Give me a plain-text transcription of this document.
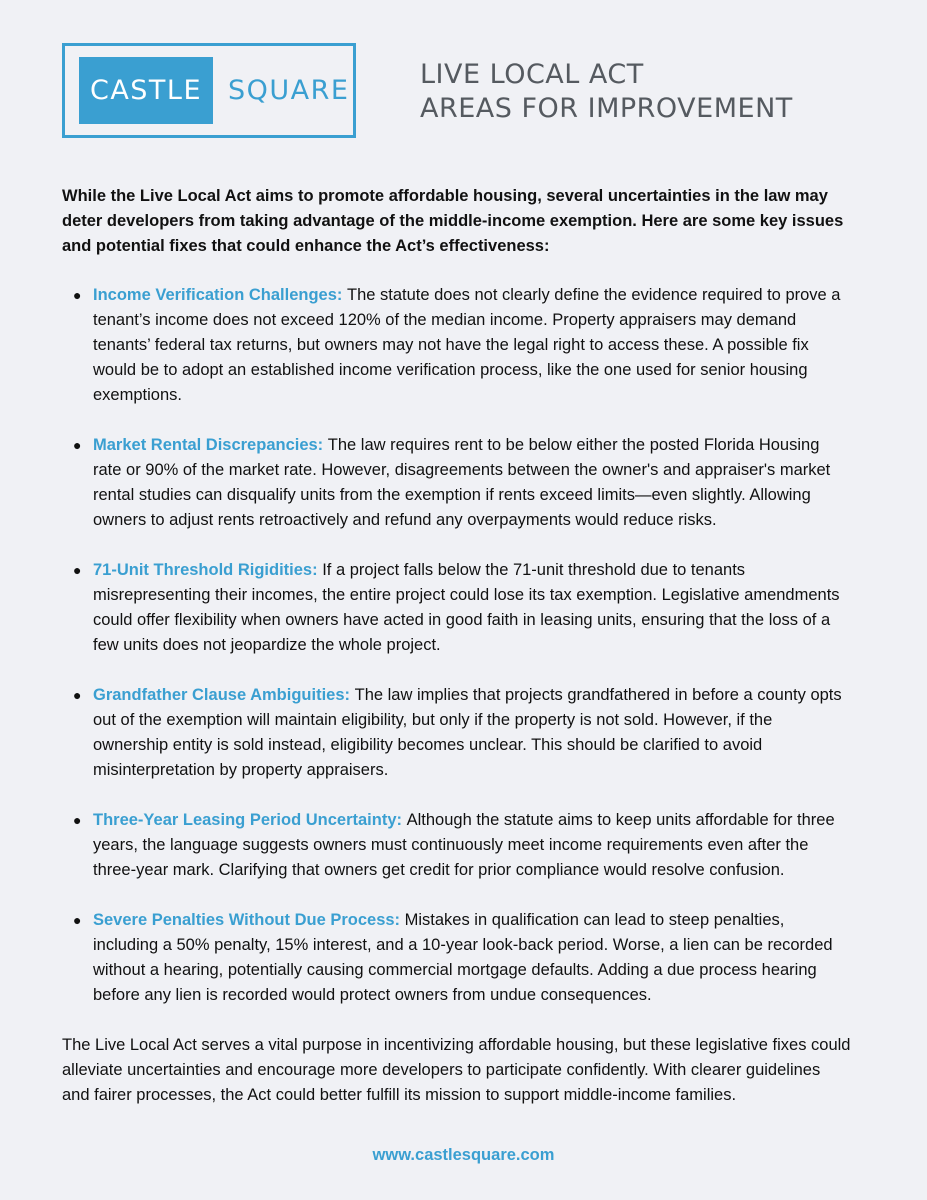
CASTLE SQUARE
LIVE LOCAL ACT
AREAS FOR IMPROVEMENT

While the Live Local Act aims to promote affordable housing, several uncertainties in the law may deter developers from taking advantage of the middle-income exemption. Here are some key issues and potential fixes that could enhance the Act’s effectiveness:

● Income Verification Challenges: The statute does not clearly define the evidence required to prove a tenant’s income does not exceed 120% of the median income. Property appraisers may demand tenants’ federal tax returns, but owners may not have the legal right to access these. A possible fix would be to adopt an established income verification process, like the one used for senior housing exemptions.
● Market Rental Discrepancies: The law requires rent to be below either the posted Florida Housing rate or 90% of the market rate. However, disagreements between the owner's and appraiser's market rental studies can disqualify units from the exemption if rents exceed limits—even slightly. Allowing owners to adjust rents retroactively and refund any overpayments would reduce risks.
● 71-Unit Threshold Rigidities: If a project falls below the 71-unit threshold due to tenants misrepresenting their incomes, the entire project could lose its tax exemption. Legislative amendments could offer flexibility when owners have acted in good faith in leasing units, ensuring that the loss of a few units does not jeopardize the whole project.
● Grandfather Clause Ambiguities: The law implies that projects grandfathered in before a county opts out of the exemption will maintain eligibility, but only if the property is not sold. However, if the ownership entity is sold instead, eligibility becomes unclear. This should be clarified to avoid misinterpretation by property appraisers.
● Three-Year Leasing Period Uncertainty: Although the statute aims to keep units affordable for three years, the language suggests owners must continuously meet income requirements even after the three-year mark. Clarifying that owners get credit for prior compliance would resolve confusion.
● Severe Penalties Without Due Process: Mistakes in qualification can lead to steep penalties, including a 50% penalty, 15% interest, and a 10-year look-back period. Worse, a lien can be recorded without a hearing, potentially causing commercial mortgage defaults. Adding a due process hearing before any lien is recorded would protect owners from undue consequences.

The Live Local Act serves a vital purpose in incentivizing affordable housing, but these legislative fixes could alleviate uncertainties and encourage more developers to participate confidently. With clearer guidelines and fairer processes, the Act could better fulfill its mission to support middle-income families.

www.castlesquare.com
